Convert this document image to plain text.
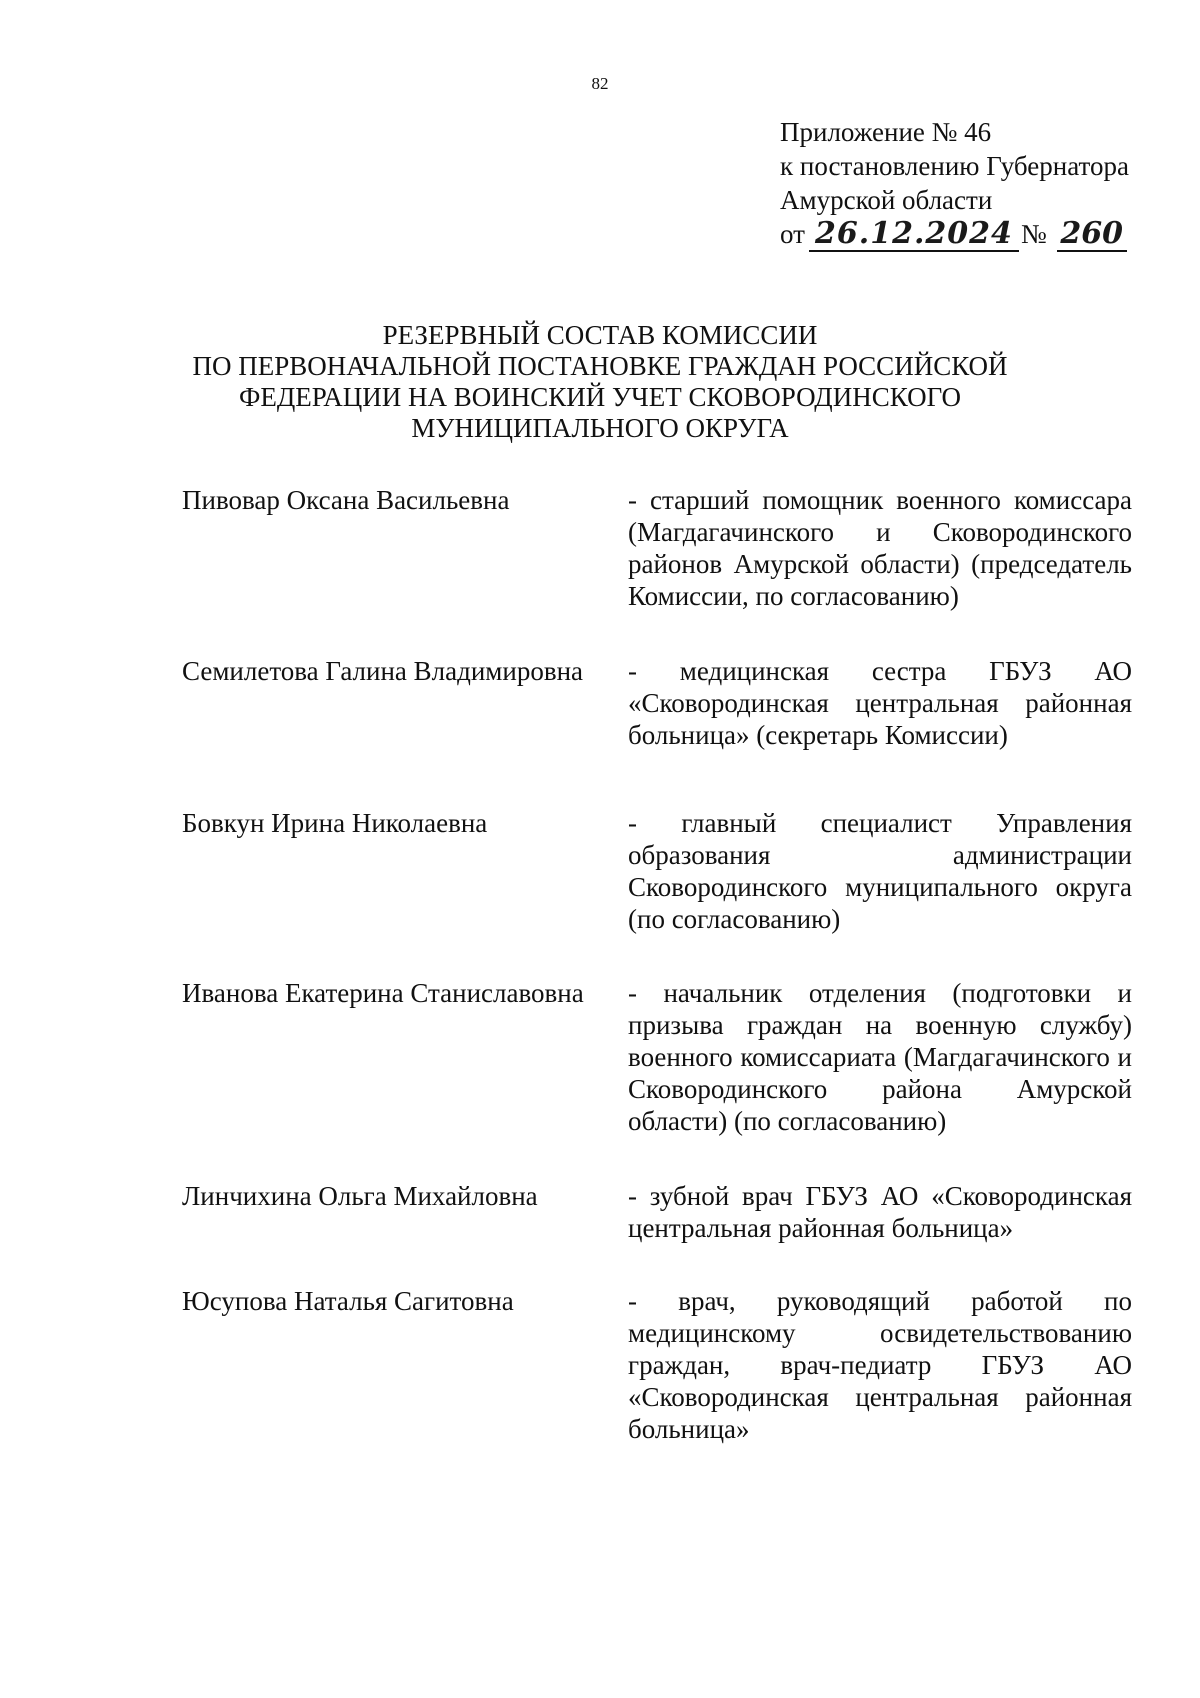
82
Приложение № 46
к постановлению Губернатора
Амурской области
от 26.12.2024 № 260
РЕЗЕРВНЫЙ СОСТАВ КОМИССИИ
ПО ПЕРВОНАЧАЛЬНОЙ ПОСТАНОВКЕ ГРАЖДАН РОССИЙСКОЙ
ФЕДЕРАЦИИ НА ВОИНСКИЙ УЧЕТ СКОВОРОДИНСКОГО
МУНИЦИПАЛЬНОГО ОКРУГА
Пивовар Оксана Васильевна	- старший помощник военного комиссара (Магдагачинского и Сковородинского районов Амурской области) (председатель Комиссии, по согласованию)
Семилетова Галина Владимировна	- медицинская сестра ГБУЗ АО «Сковородинская центральная районная больница» (секретарь Комиссии)
Бовкун Ирина Николаевна	- главный специалист Управления образования администрации Сковородинского муниципального округа (по согласованию)
Иванова Екатерина Станиславовна	- начальник отделения (подготовки и призыва граждан на военную службу) военного комиссариата (Магдагачинского и Сковородинского района Амурской области) (по согласованию)
Линчихина Ольга Михайловна	- зубной врач ГБУЗ АО «Сковородинская центральная районная больница»
Юсупова Наталья Сагитовна	- врач, руководящий работой по медицинскому освидетельствованию граждан, врач-педиатр ГБУЗ АО «Сковородинская центральная районная больница»
